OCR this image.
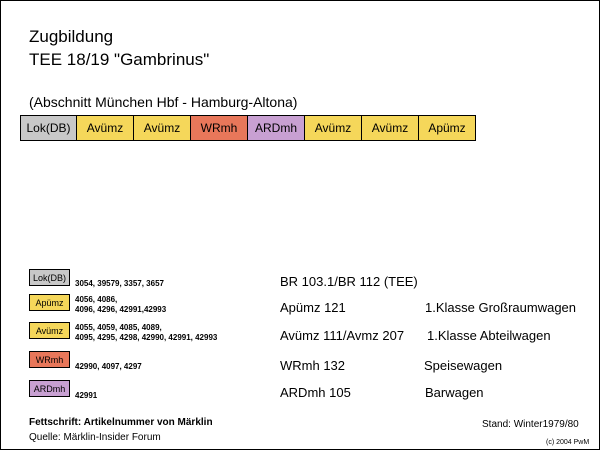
Zugbildung
TEE 18/19 "Gambrinus"
(Abschnitt München Hbf - Hamburg-Altona)
Lok(DB) Avümz Avümz WRmh ARDmh Avümz Avümz Apümz
Lok(DB)
3054, 39579, 3357, 3657	BR 103.1/BR 112 (TEE)
Apümz 4056, 4086,
4096, 4296, 42991,42993	Apümz 121	1.Klasse Großraumwagen
Avümz 4055, 4059, 4085, 4089,
4095, 4295, 4298, 42990, 42991, 42993	Avümz 111/Avmz 207 1.Klasse Abteilwagen
WRmh
42990, 4097, 4297	WRmh 132	Speisewagen
ARDmh
42991	ARDmh 105	Barwagen
Fettschrift: Artikelnummer von Märklin
Quelle: Märklin-Insider Forum
Stand: Winter1979/80
(c) 2004 PwM
